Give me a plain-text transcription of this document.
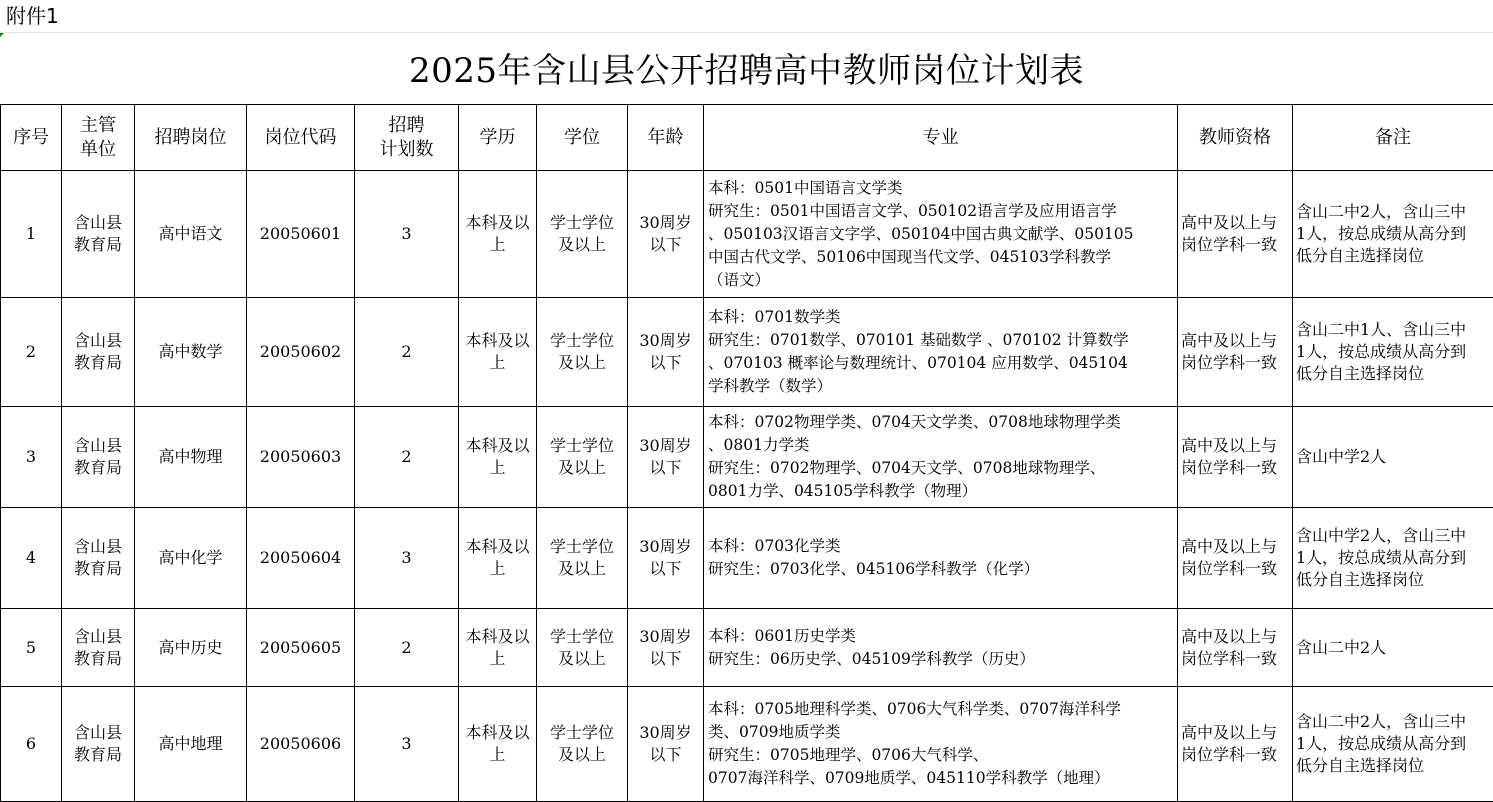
附件1
2025年含山县公开招聘高中教师岗位计划表
序号	主管
单位	招聘岗位	岗位代码	招聘
计划数	学历	学位	年龄	专业	教师资格	备注
1	含山县
教育局	高中语文	20050601	3	本科及以
上	学士学位
及以上	30周岁
以下	本科：0501中国语言文学类
研究生：0501中国语言文学、050102语言学及应用语言学
、050103汉语言文字学、050104中国古典文献学、050105
中国古代文学、50106中国现当代文学、045103学科教学
（语文）	高中及以上与
岗位学科一致	含山二中2人，含山三中
1人，按总成绩从高分到
低分自主选择岗位

2	含山县
教育局	高中数学	20050602	2	本科及以
上	学士学位
及以上	30周岁
以下	本科：0701数学类
研究生：0701数学、070101 基础数学 、070102 计算数学
、070103 概率论与数理统计、070104 应用数学、045104
学科教学（数学）	高中及以上与
岗位学科一致	含山二中1人、含山三中
1人，按总成绩从高分到
低分自主选择岗位

3	含山县
教育局	高中物理	20050603	2	本科及以
上	学士学位
及以上	30周岁
以下	本科：0702物理学类、0704天文学类、0708地球物理学类
、0801力学类
研究生：0702物理学、0704天文学、0708地球物理学、
0801力学、045105学科教学（物理）	高中及以上与
岗位学科一致	含山中学2人

4	含山县
教育局	高中化学	20050604	3	本科及以
上	学士学位
及以上	30周岁
以下	本科：0703化学类
研究生：0703化学、045106学科教学（化学）	高中及以上与
岗位学科一致	含山中学2人，含山三中
1人，按总成绩从高分到
低分自主选择岗位

5	含山县
教育局	高中历史	20050605	2	本科及以
上	学士学位
及以上	30周岁
以下	本科：0601历史学类
研究生：06历史学、045109学科教学（历史）	高中及以上与
岗位学科一致	含山二中2人

6	含山县
教育局	高中地理	20050606	3	本科及以
上	学士学位
及以上	30周岁
以下	本科：0705地理科学类、0706大气科学类、0707海洋科学
类、0709地质学类
研究生：0705地理学、0706大气科学、
0707海洋科学、0709地质学、045110学科教学（地理）	高中及以上与
岗位学科一致	含山二中2人，含山三中
1人，按总成绩从高分到
低分自主选择岗位
